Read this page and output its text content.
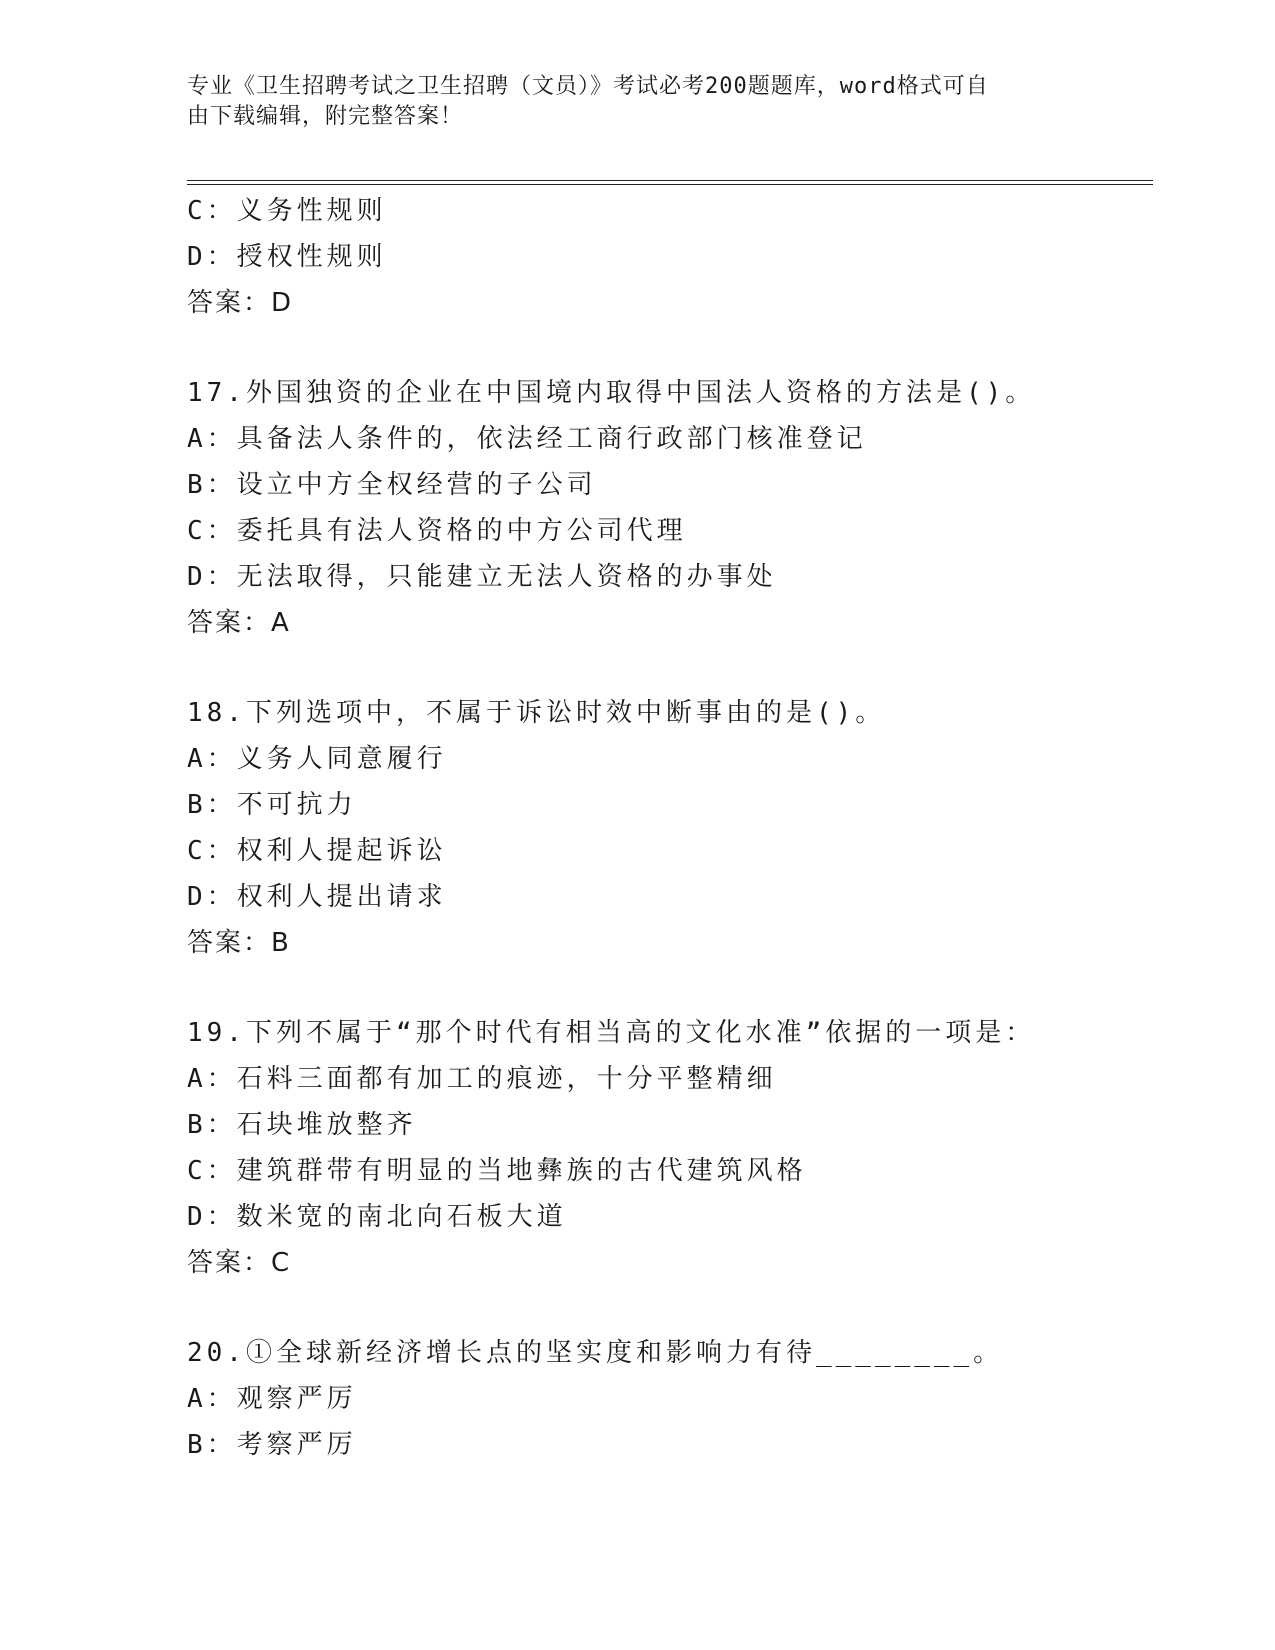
专业《卫生招聘考试之卫生招聘（文员）》考试必考200题题库，word格式可自
由下载编辑，附完整答案！
C：义务性规则
D：授权性规则
答案：D
17.外国独资的企业在中国境内取得中国法人资格的方法是()。
A：具备法人条件的，依法经工商行政部门核准登记
B：设立中方全权经营的子公司
C：委托具有法人资格的中方公司代理
D：无法取得，只能建立无法人资格的办事处
答案：A
18.下列选项中，不属于诉讼时效中断事由的是()。
A：义务人同意履行
B：不可抗力
C：权利人提起诉讼
D：权利人提出请求
答案：B
19.下列不属于“那个时代有相当高的文化水准”依据的一项是：
A：石料三面都有加工的痕迹，十分平整精细
B：石块堆放整齐
C：建筑群带有明显的当地彝族的古代建筑风格
D：数米宽的南北向石板大道
答案：C
20.①全球新经济增长点的坚实度和影响力有待________。
A：观察严厉
B：考察严厉
